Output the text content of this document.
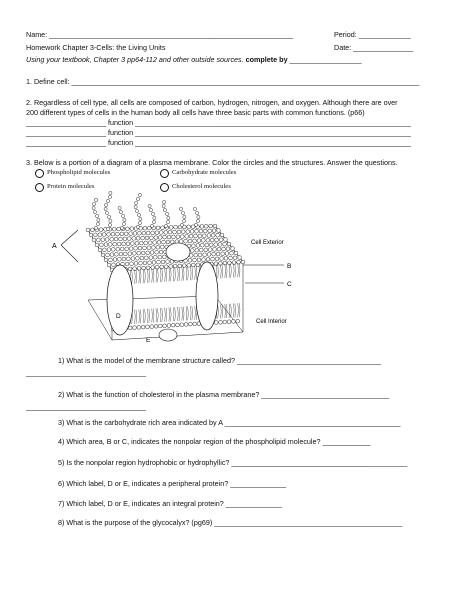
Name: _____________________________________________________________	Period: _____________
Homework Chapter 3-Cells: the Living Units	Date: _______________
Using your textbook, Chapter 3 pp64-112 and other outside sources. complete by __________________
1. Define cell: _______________________________________________________________________________________
2. Regardless of cell type, all cells are composed of carbon, hydrogen, nitrogen, and oxygen. Although there are over
200 different types of cells in the human body all cells have three basic parts with common functions. (p66)
____________________ function _____________________________________________________________________
____________________ function _____________________________________________________________________
____________________ function _____________________________________________________________________
3. Below is a portion of a diagram of a plasma membrane. Color the circles and the structures. Answer the questions.
Phospholipid molecules	Carbohydrate molecules
Protein molecules	Cholesterol molecules
A
B
C
D
E
Cell Exterior
Cell Interior
1) What is the model of the membrane structure called? ____________________________________
______________________________
2) What is the function of cholesterol in the plasma membrane? ________________________________
______________________________
3) What is the carbohydrate rich area indicated by A ____________________________________________
4) Which area, B or C, indicates the nonpolar region of the phospholipid molecule? ____________
5) Is the nonpolar region hydrophobic or hydrophyllic? ____________________________________________
6) Which label, D or E, indicates a peripheral protein? ______________
7) Which label, D or E, indicates an integral protein? ______________
8) What is the purpose of the glycocalyx? (pg69) _______________________________________________
